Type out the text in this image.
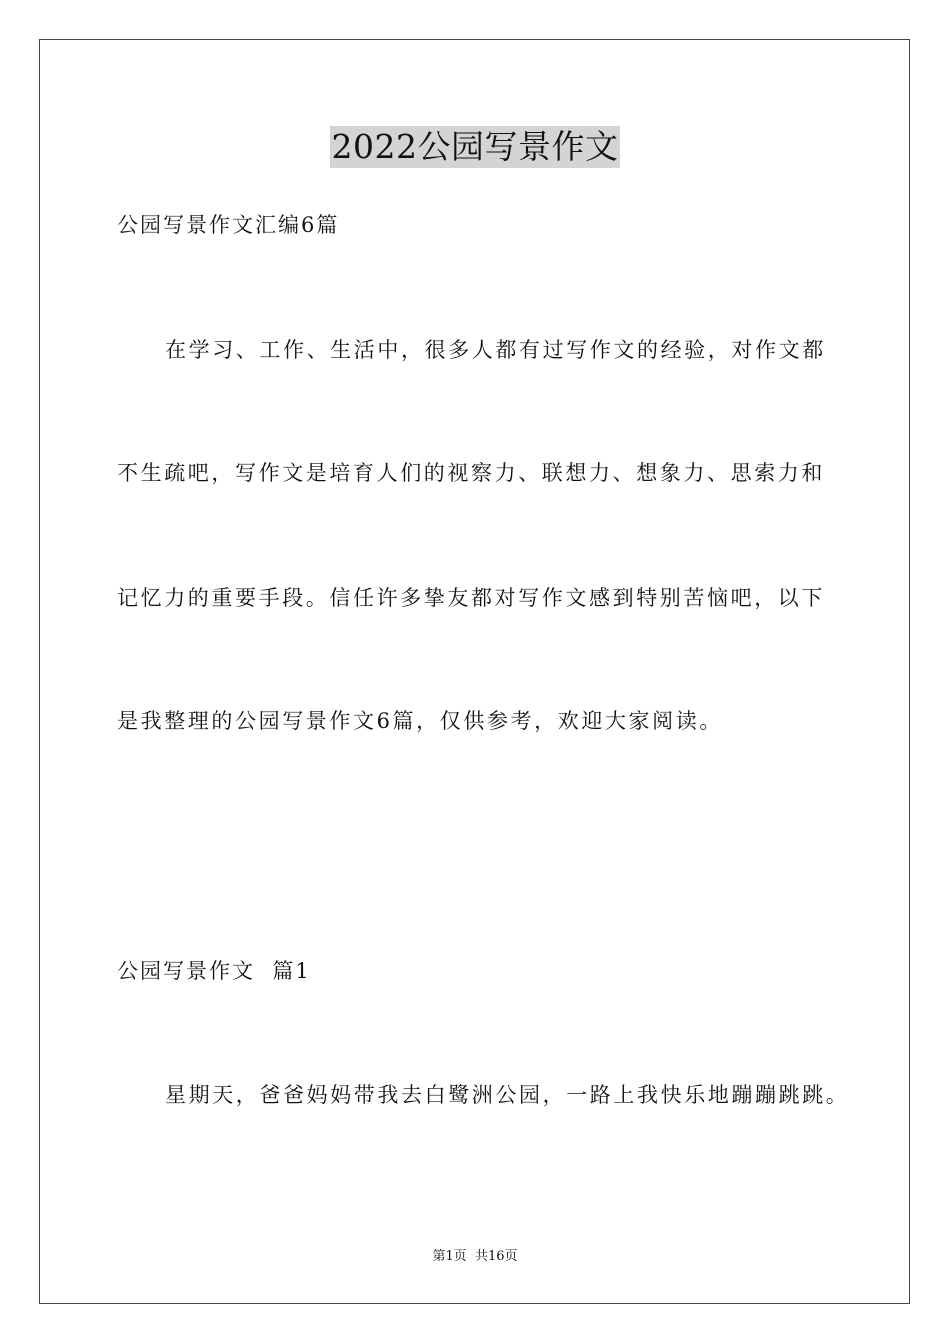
2022公园写景作文
公园写景作文汇编6篇
在学习、工作、生活中，很多人都有过写作文的经验，对作文都
不生疏吧，写作文是培育人们的视察力、联想力、想象力、思索力和
记忆力的重要手段。信任许多挚友都对写作文感到特别苦恼吧，以下
是我整理的公园写景作文6篇，仅供参考，欢迎大家阅读。
公园写景作文  篇1
星期天，爸爸妈妈带我去白鹭洲公园，一路上我快乐地蹦蹦跳跳。
第1页 共16页
